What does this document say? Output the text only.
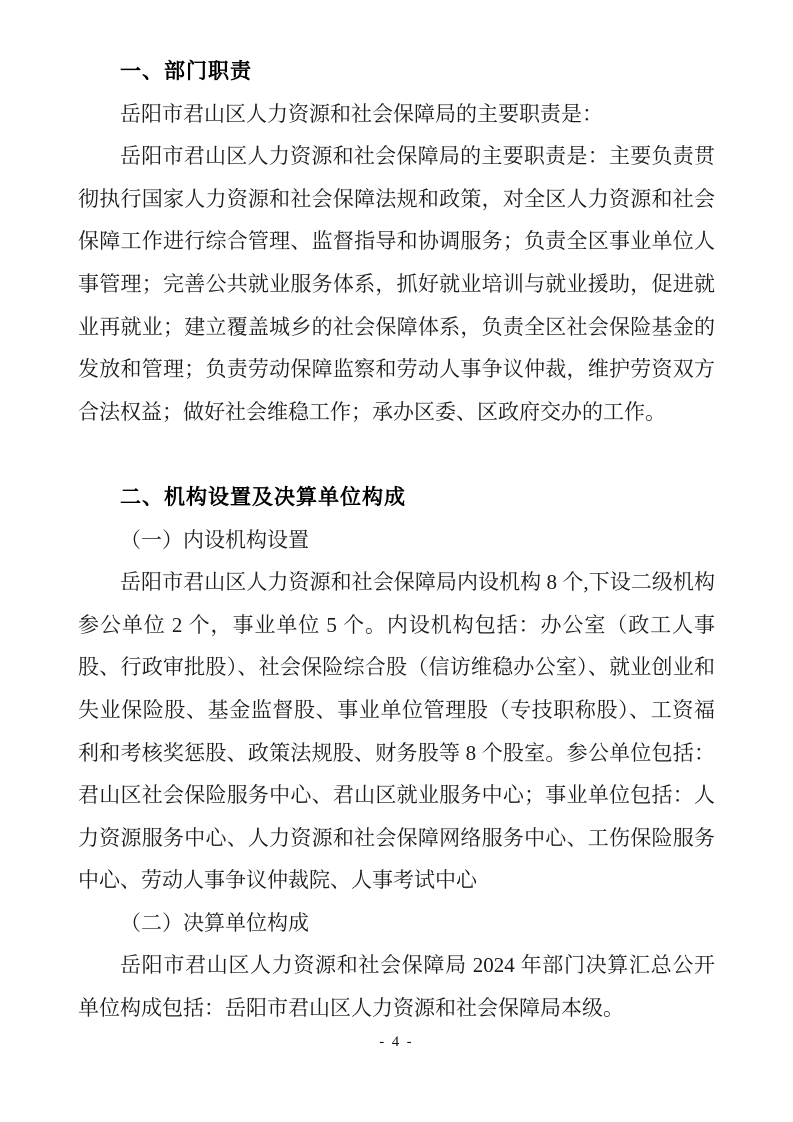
一、部门职责

岳阳市君山区人力资源和社会保障局的主要职责是：

岳阳市君山区人力资源和社会保障局的主要职责是：主要负责贯彻执行国家人力资源和社会保障法规和政策，对全区人力资源和社会保障工作进行综合管理、监督指导和协调服务；负责全区事业单位人事管理；完善公共就业服务体系，抓好就业培训与就业援助，促进就业再就业；建立覆盖城乡的社会保障体系，负责全区社会保险基金的发放和管理；负责劳动保障监察和劳动人事争议仲裁，维护劳资双方合法权益；做好社会维稳工作；承办区委、区政府交办的工作。

二、机构设置及决算单位构成

（一）内设机构设置

岳阳市君山区人力资源和社会保障局内设机构 8 个,下设二级机构参公单位 2 个，事业单位 5 个。内设机构包括：办公室（政工人事股、行政审批股）、社会保险综合股（信访维稳办公室）、就业创业和失业保险股、基金监督股、事业单位管理股（专技职称股）、工资福利和考核奖惩股、政策法规股、财务股等 8 个股室。参公单位包括：君山区社会保险服务中心、君山区就业服务中心；事业单位包括：人力资源服务中心、人力资源和社会保障网络服务中心、工伤保险服务中心、劳动人事争议仲裁院、人事考试中心

（二）决算单位构成

岳阳市君山区人力资源和社会保障局 2024 年部门决算汇总公开单位构成包括：岳阳市君山区人力资源和社会保障局本级。

- 4 -
